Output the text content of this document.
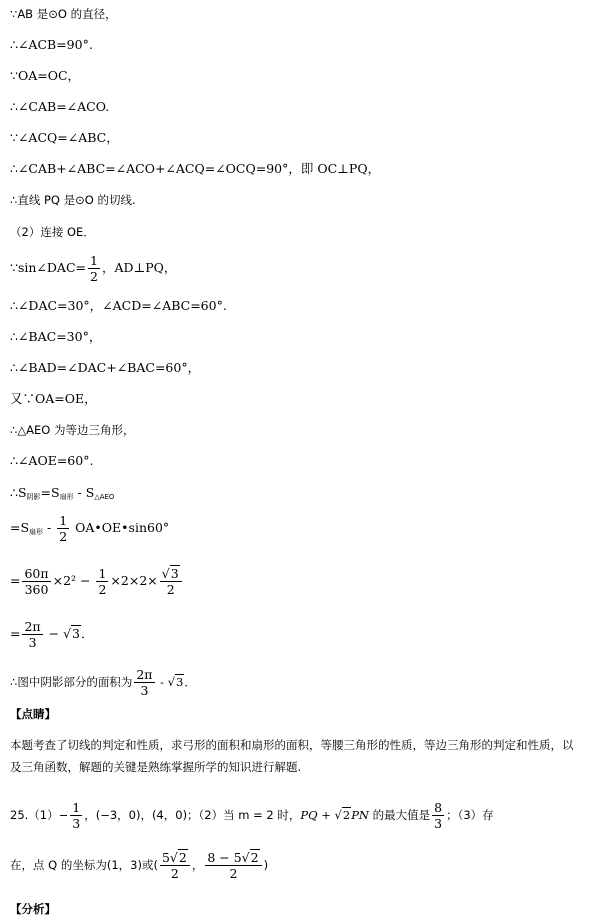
∵AB 是⊙O 的直径，
∴∠ACB=90°.
∵OA=OC，
∴∠CAB=∠ACO.
∵∠ACQ=∠ABC，
∴∠CAB+∠ABC=∠ACO+∠ACQ=∠OCQ=90°，即 OC⊥PQ，
∴直线 PQ 是⊙O 的切线.
（2）连接 OE．
∵sin∠DAC= $\frac{1}{2}$ ，AD⊥PQ，
∴∠DAC=30°，∠ACD=∠ABC=60°.
∴∠BAC=30°，
∴∠BAD=∠DAC+∠BAC=60°，
又∵OA=OE，
∴△AEO 为等边三角形，
∴∠AOE=60°.
$\therefore S_{阴影}=S_{扇形} - S_{\triangle AEO}$
$=S_{扇形} - \frac{1}{2}$ OA•OE•sin60°
= $\frac{60\pi}{360} \times 2^2 - \frac{1}{2} \times 2\times 2\times \frac{√3}{2}$
= $\frac{2\pi}{3} - √3$．
∴图中阴影部分的面积为 $\frac{2\pi}{3} - √3$．
【点睛】
本题考查了切线的判定和性质，求弓形的面积和扇形的面积，等腰三角形的性质，等边三角形的判定和性质，以及三角函数，解题的关键是熟练掌握所学的知识进行解题.
$25.(1)- \frac{1}{3}$ ，(−3，0)，(4，0)；（2）当 m = 2 时，PQ + √2PN 的最大值是 $\frac{8}{3}$ ；（3）存
在，点 Q 的坐标为(1，3)或( $\frac{5√2}{2}$ ， $\frac{8 - 5√2}{2}$ )
【分析】
